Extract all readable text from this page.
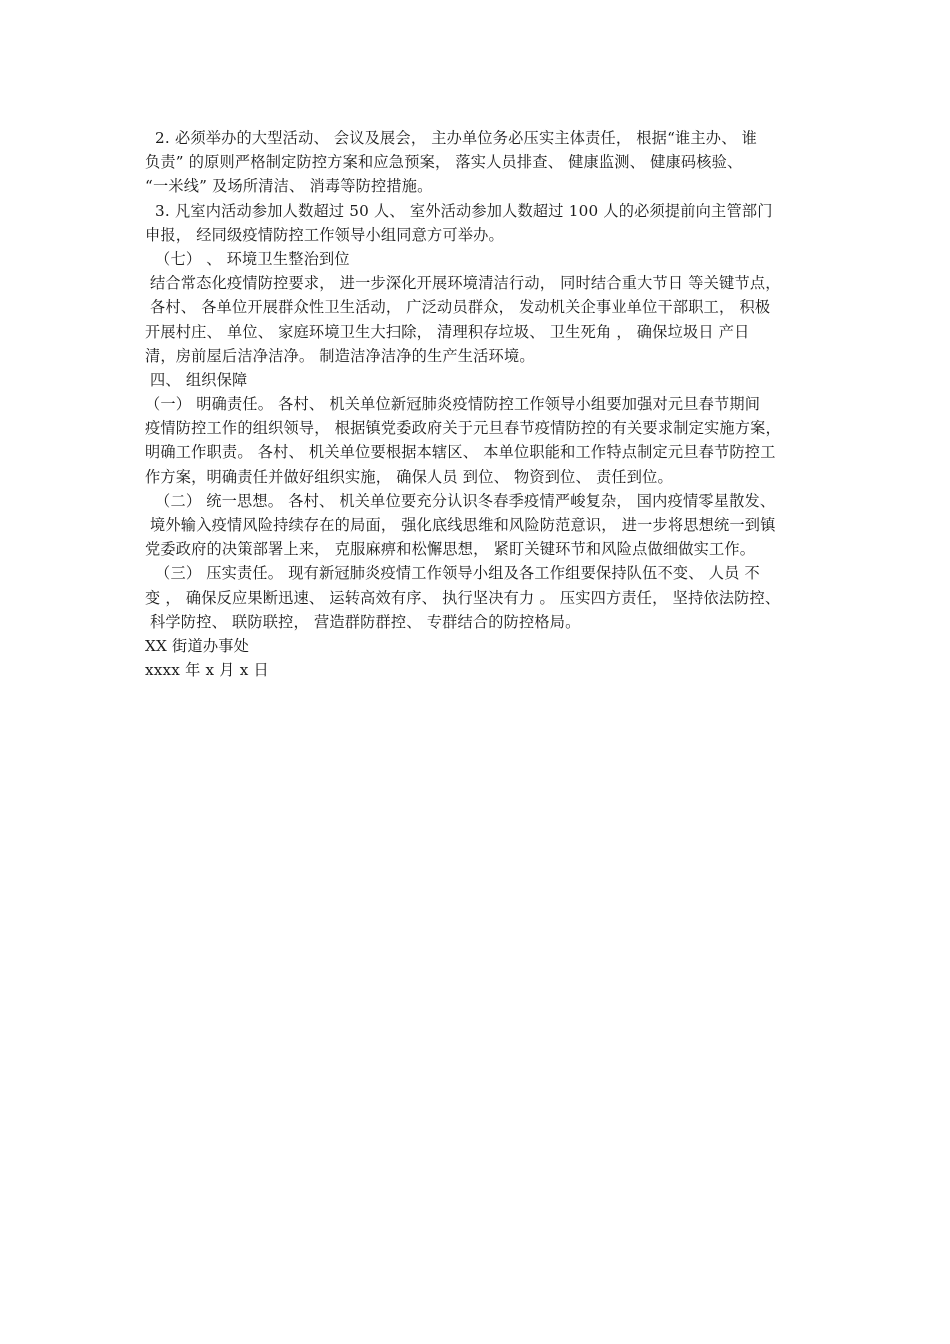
2. 必须举办的大型活动、 会议及展会， 主办单位务必压实主体责任， 根据“谁主办、 谁
负责” 的原则严格制定防控方案和应急预案， 落实人员排查、 健康监测、 健康码核验、
“一米线” 及场所清洁、 消毒等防控措施。
3. 凡室内活动参加人数超过 50 人、 室外活动参加人数超过 100 人的必须提前向主管部门
申报， 经同级疫情防控工作领导小组同意方可举办。
（七） 、 环境卫生整治到位
结合常态化疫情防控要求， 进一步深化开展环境清洁行动， 同时结合重大节日 等关键节点，
各村、 各单位开展群众性卫生活动， 广泛动员群众， 发动机关企事业单位干部职工， 积极
开展村庄、 单位、 家庭环境卫生大扫除， 清理积存垃圾、 卫生死角 ， 确保垃圾日 产日
清，房前屋后洁净洁净。 制造洁净洁净的生产生活环境。
四、 组织保障
（一） 明确责任。 各村、 机关单位新冠肺炎疫情防控工作领导小组要加强对元旦春节期间
疫情防控工作的组织领导， 根据镇党委政府关于元旦春节疫情防控的有关要求制定实施方案，
明确工作职责。 各村、 机关单位要根据本辖区、 本单位职能和工作特点制定元旦春节防控工
作方案，明确责任并做好组织实施， 确保人员 到位、 物资到位、 责任到位。
（二） 统一思想。 各村、 机关单位要充分认识冬春季疫情严峻复杂， 国内疫情零星散发、
境外输入疫情风险持续存在的局面， 强化底线思维和风险防范意识， 进一步将思想统一到镇
党委政府的决策部署上来， 克服麻痹和松懈思想， 紧盯关键环节和风险点做细做实工作。
（三） 压实责任。 现有新冠肺炎疫情工作领导小组及各工作组要保持队伍不变、 人员 不
变 ， 确保反应果断迅速、 运转高效有序、 执行坚决有力 。 压实四方责任， 坚持依法防控、
科学防控、 联防联控， 营造群防群控、 专群结合的防控格局。
XX 街道办事处
xxxx 年 x 月 x 日
